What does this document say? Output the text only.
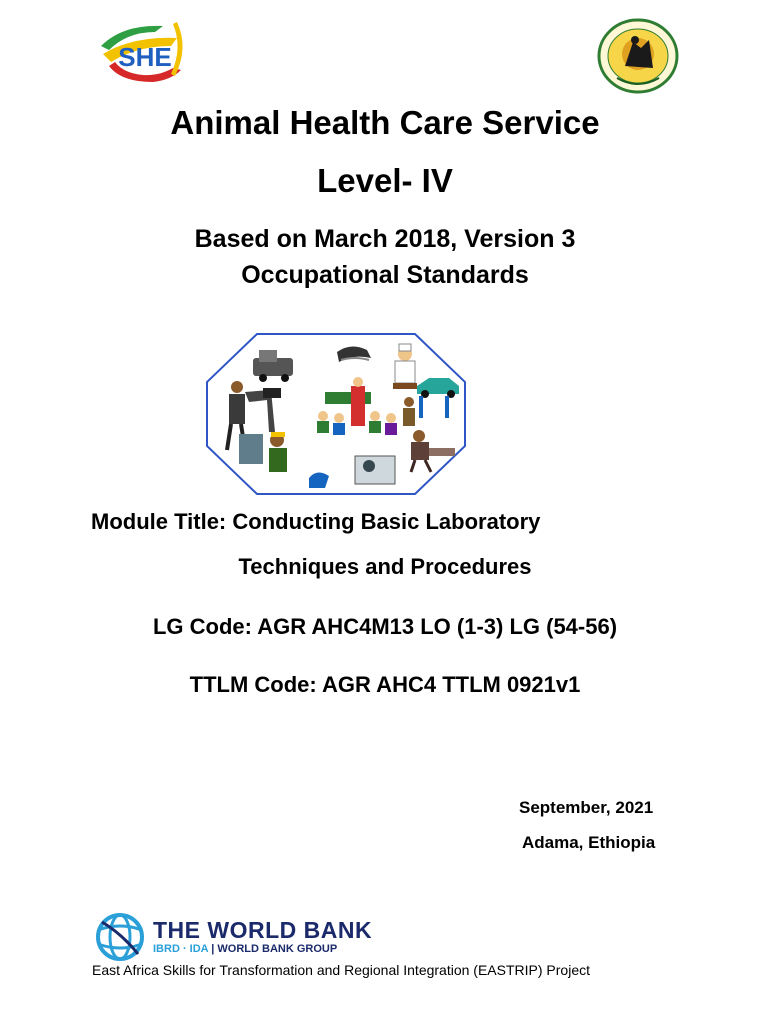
SHE
Animal Health Care Service
Level- IV
Based on March 2018, Version 3
Occupational Standards
Module Title: Conducting Basic Laboratory
Techniques and Procedures
LG Code: AGR AHC4M13 LO (1-3) LG (54-56)
TTLM Code: AGR AHC4 TTLM 0921v1
September, 2021
Adama, Ethiopia
THE WORLD BANK
IBRD · IDA | WORLD BANK GROUP
East Africa Skills for Transformation and Regional Integration (EASTRIP) Project
